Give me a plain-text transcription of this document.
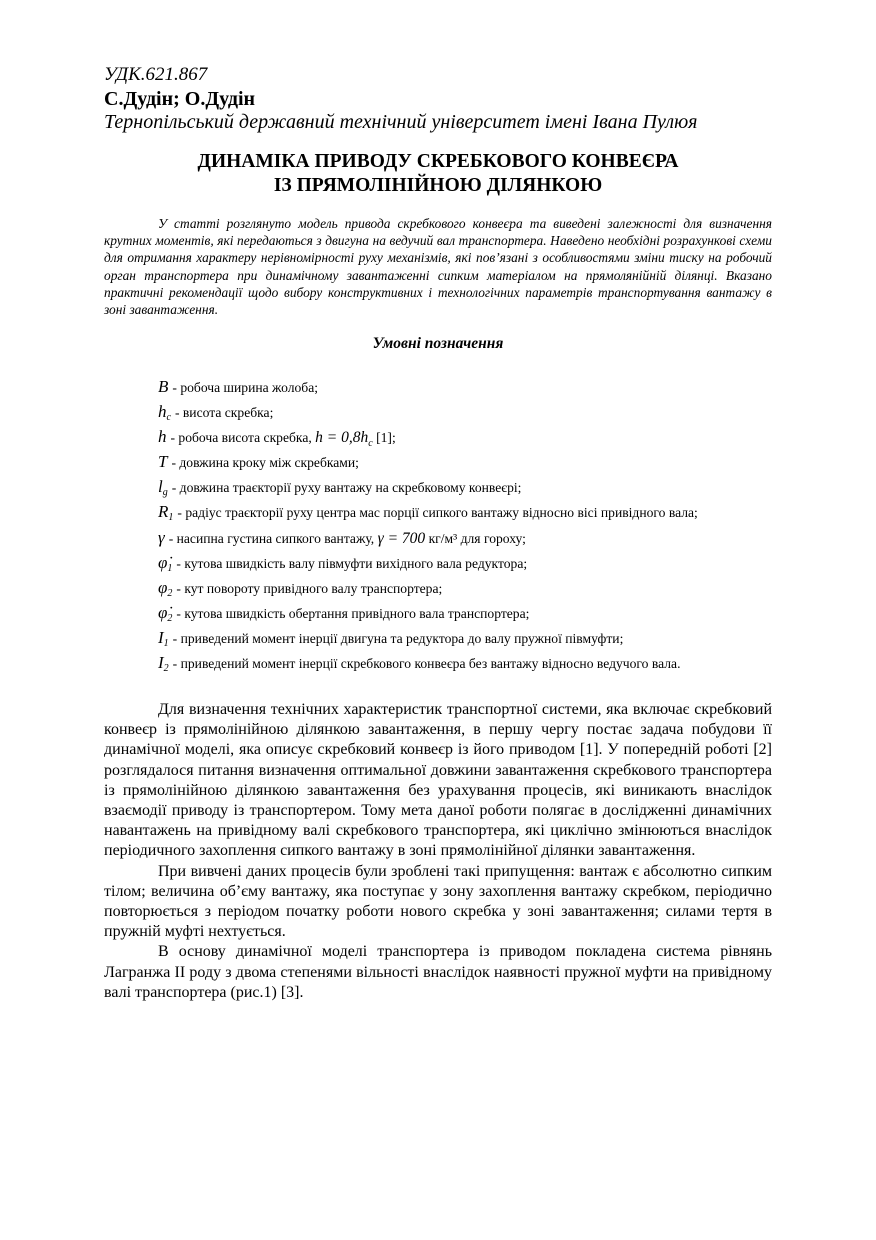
УДК.621.867
С.Дудін; О.Дудін
Тернопільський державний технічний університет імені Івана Пулюя
ДИНАМІКА ПРИВОДУ СКРЕБКОВОГО КОНВЕЄРА
ІЗ ПРЯМОЛІНІЙНОЮ ДІЛЯНКОЮ
У статті розглянуто модель привода скребкового конвеєра та виведені залежності для визначення крутних моментів, які передаються з двигуна на ведучий вал транспортера. Наведено необхідні розрахункові схеми для отримання характеру нерівномірності руху механізмів, які пов’язані з особливостями зміни тиску на робочий орган транспортера при динамічному завантаженні сипким матеріалом на прямолянійній ділянці. Вказано практичні рекомендації щодо вибору конструктивних і технологічних параметрів транспортування вантажу в зоні завантаження.
Умовні позначення
B - робоча ширина жолоба;
$h_c$ - висота скребка;
h - робоча висота скребка, $h = 0,8h_c$ [1];
T - довжина кроку між скребками;
$l_g$ - довжина траєкторії руху вантажу на скребковому конвеєрі;
$R_1$ - радіус траєкторії руху центра мас порції сипкого вантажу відносно вісі привідного вала;
γ - насипна густина сипкого вантажу, γ = 700 кг/м³ для гороху;
$\varphi̇_1$ - кутова швидкість валу півмуфти вихідного вала редуктора;
$\varphi_2$ - кут повороту привідного валу транспортера;
$\varphi̇_2$ - кутова швидкість обертання привідного вала транспортера;
$I_1$ - приведений момент інерції двигуна та редуктора до валу пружної півмуфти;
$I_2$ - приведений момент інерції скребкового конвеєра без вантажу відносно ведучого вала.

Для визначення технічних характеристик транспортної системи, яка включає скребковий конвеєр із прямолінійною ділянкою завантаження, в першу чергу постає задача побудови її динамічної моделі, яка описує скребковий конвеєр із його приводом [1]. У попередній роботі [2] розглядалося питання визначення оптимальної довжини завантаження скребкового транспортера із прямолінійною ділянкою завантаження без урахування процесів, які виникають внаслідок взаємодії приводу із транспортером. Тому мета даної роботи полягає в дослідженні динамічних навантажень на привідному валі скребкового транспортера, які циклічно змінюються внаслідок періодичного захоплення сипкого вантажу в зоні прямолінійної ділянки завантаження.

При вивчені даних процесів були зроблені такі припущення: вантаж є абсолютно сипким тілом; величина об’єму вантажу, яка поступає у зону захоплення вантажу скребком, періодично повторюється з періодом початку роботи нового скребка у зоні завантаження; силами тертя в пружній муфті нехтується.

В основу динамічної моделі транспортера із приводом покладена система рівнянь Лагранжа ІІ роду з двома степенями вільності внаслідок наявності пружної муфти на привідному валі транспортера (рис.1) [3].
